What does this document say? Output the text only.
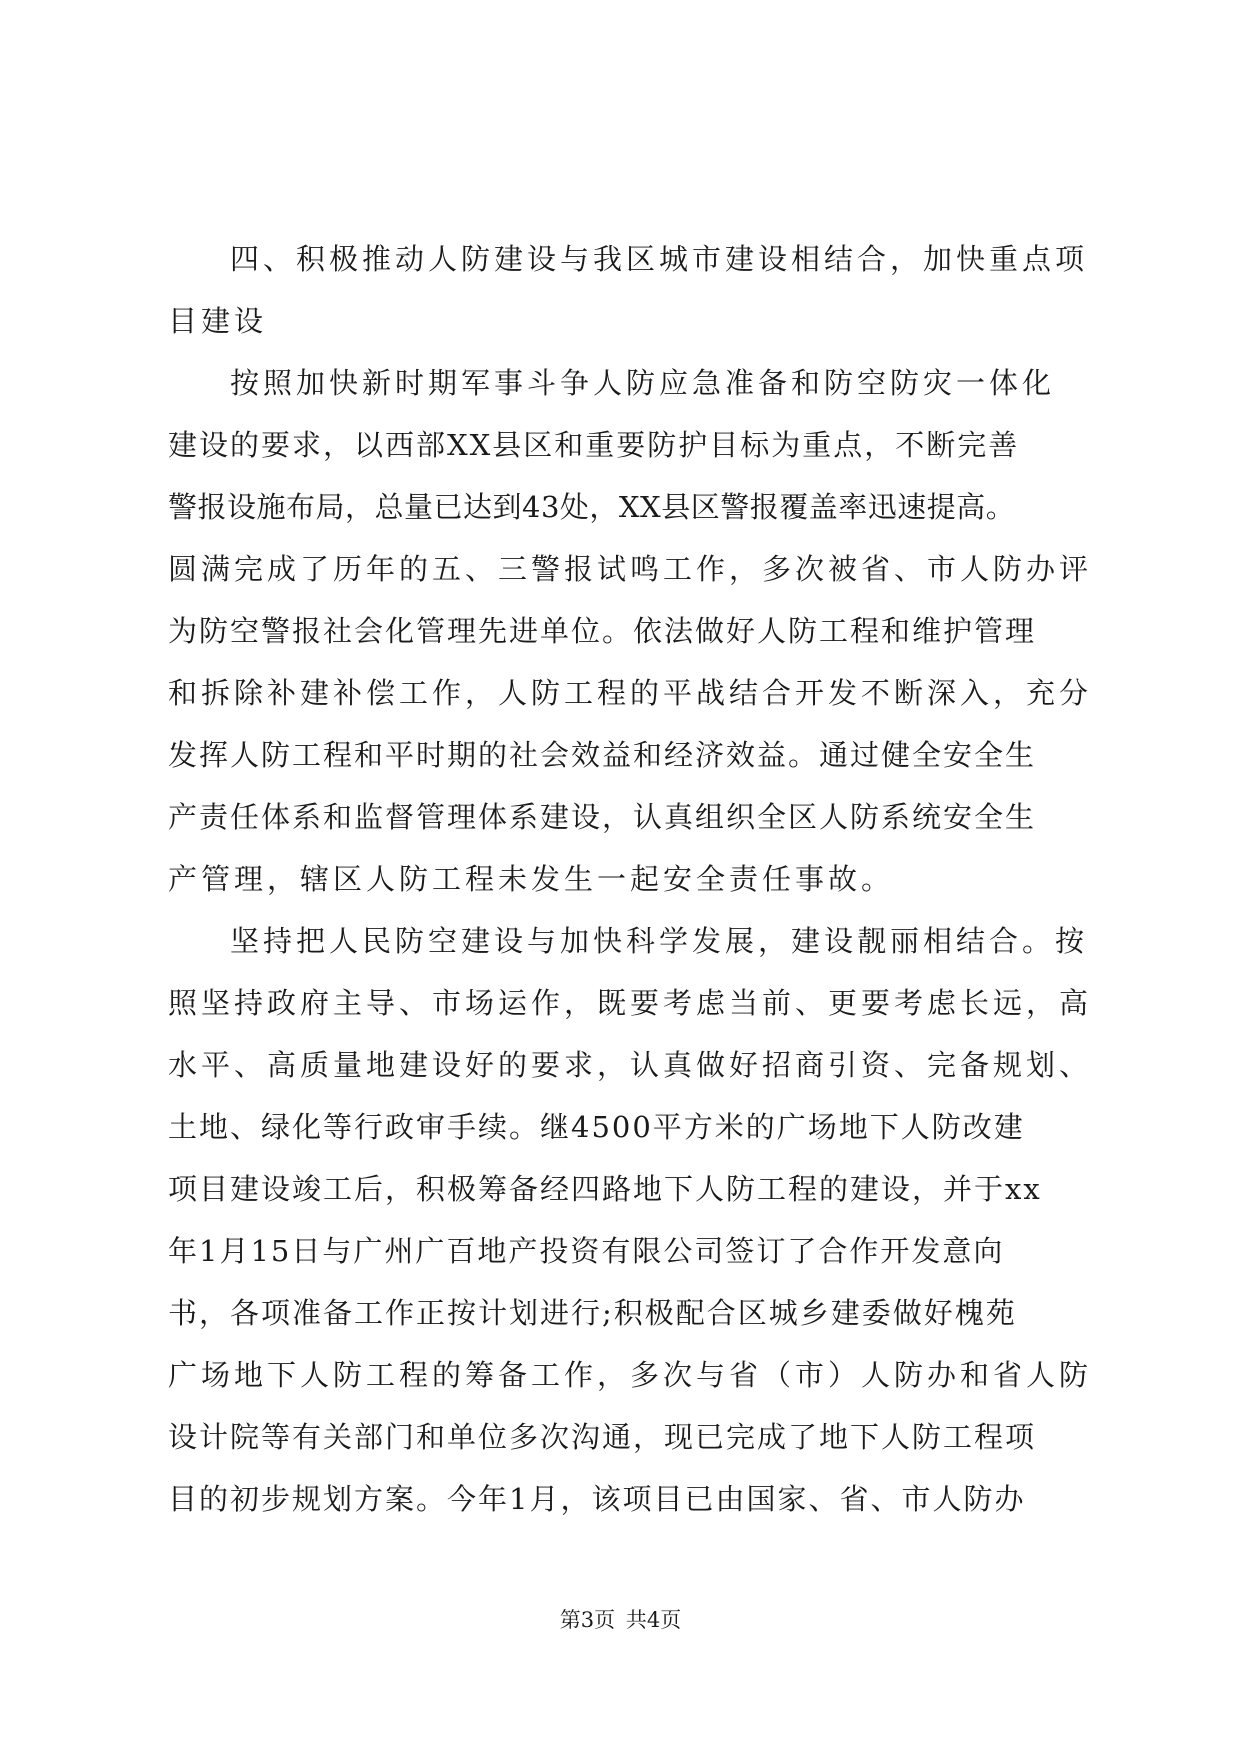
四、积极推动人防建设与我区城市建设相结合，加快重点项
目建设
按照加快新时期军事斗争人防应急准备和防空防灾一体化
建设的要求，以西部XX县区和重要防护目标为重点，不断完善
警报设施布局，总量已达到43处，XX县区警报覆盖率迅速提高。
圆满完成了历年的五、三警报试鸣工作，多次被省、市人防办评
为防空警报社会化管理先进单位。依法做好人防工程和维护管理
和拆除补建补偿工作，人防工程的平战结合开发不断深入，充分
发挥人防工程和平时期的社会效益和经济效益。通过健全安全生
产责任体系和监督管理体系建设，认真组织全区人防系统安全生
产管理，辖区人防工程未发生一起安全责任事故。
坚持把人民防空建设与加快科学发展，建设靓丽相结合。按
照坚持政府主导、市场运作，既要考虑当前、更要考虑长远，高
水平、高质量地建设好的要求，认真做好招商引资、完备规划、
土地、绿化等行政审手续。继4500平方米的广场地下人防改建
项目建设竣工后，积极筹备经四路地下人防工程的建设，并于xx
年1月15日与广州广百地产投资有限公司签订了合作开发意向
书，各项准备工作正按计划进行;积极配合区城乡建委做好槐苑
广场地下人防工程的筹备工作，多次与省（市）人防办和省人防
设计院等有关部门和单位多次沟通，现已完成了地下人防工程项
目的初步规划方案。今年1月，该项目已由国家、省、市人防办
第3页 共4页
